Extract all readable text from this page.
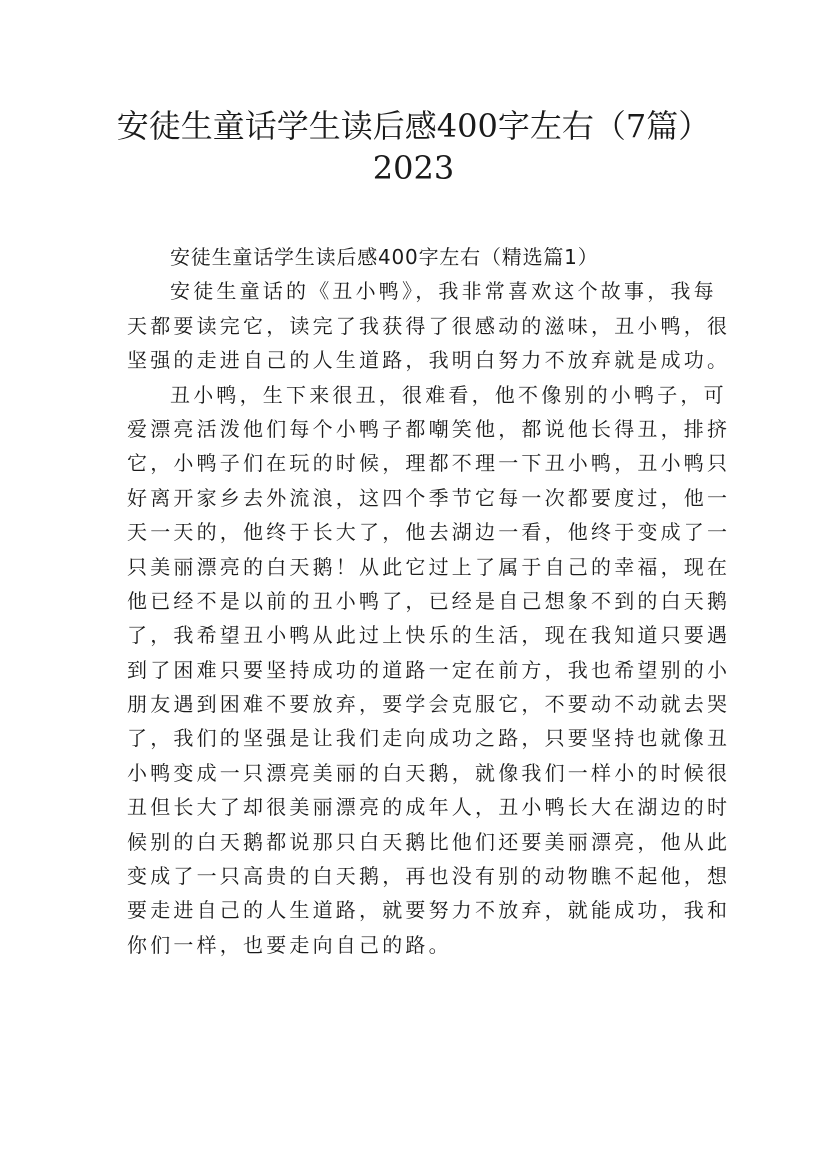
安徒生童话学生读后感400字左右（7篇）
2023
安徒生童话学生读后感400字左右（精选篇1）
安徒生童话的《丑小鸭》，我非常喜欢这个故事，我每
天都要读完它，读完了我获得了很感动的滋味，丑小鸭，很
坚强的走进自己的人生道路，我明白努力不放弃就是成功。
丑小鸭，生下来很丑，很难看，他不像别的小鸭子，可
爱漂亮活泼他们每个小鸭子都嘲笑他，都说他长得丑，排挤
它，小鸭子们在玩的时候，理都不理一下丑小鸭，丑小鸭只
好离开家乡去外流浪，这四个季节它每一次都要度过，他一
天一天的，他终于长大了，他去湖边一看，他终于变成了一
只美丽漂亮的白天鹅！从此它过上了属于自己的幸福，现在
他已经不是以前的丑小鸭了，已经是自己想象不到的白天鹅
了，我希望丑小鸭从此过上快乐的生活，现在我知道只要遇
到了困难只要坚持成功的道路一定在前方，我也希望别的小
朋友遇到困难不要放弃，要学会克服它，不要动不动就去哭
了，我们的坚强是让我们走向成功之路，只要坚持也就像丑
小鸭变成一只漂亮美丽的白天鹅，就像我们一样小的时候很
丑但长大了却很美丽漂亮的成年人，丑小鸭长大在湖边的时
候别的白天鹅都说那只白天鹅比他们还要美丽漂亮，他从此
变成了一只高贵的白天鹅，再也没有别的动物瞧不起他，想
要走进自己的人生道路，就要努力不放弃，就能成功，我和
你们一样，也要走向自己的路。
